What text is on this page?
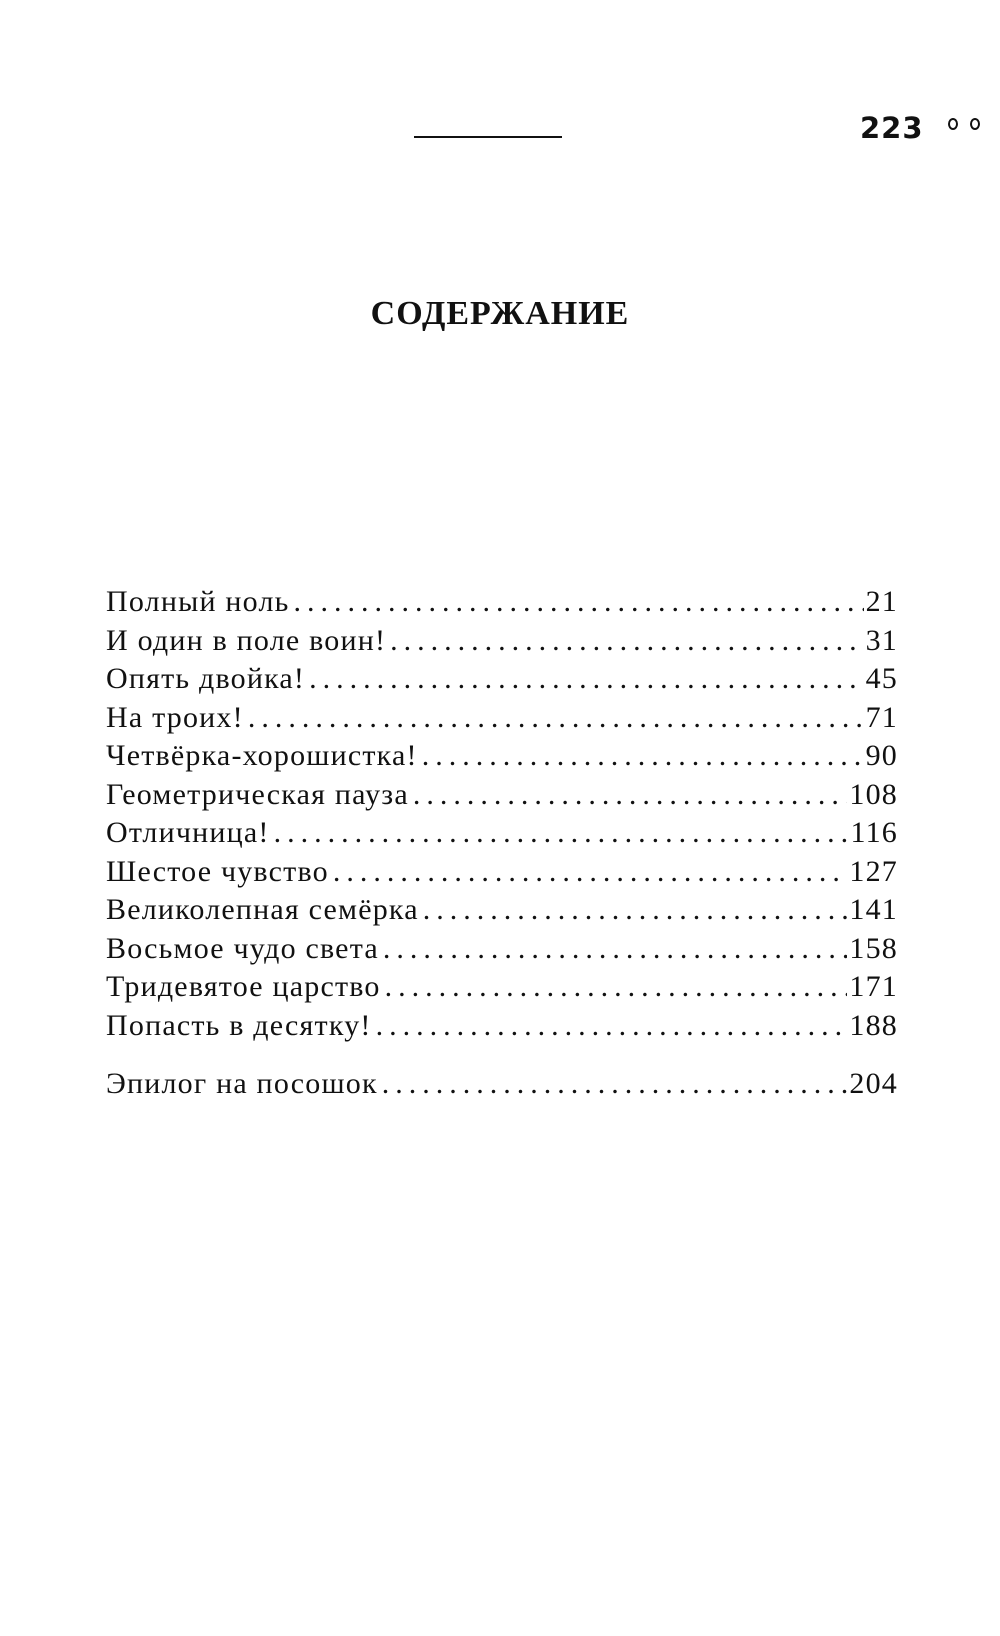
223
СОДЕРЖАНИЕ
Полный ноль .....	21
И один в поле воин! .....	31
Опять двойка! .....	45
На троих! .....	71
Четвёрка-хорошистка! .....	90
Геометрическая пауза .....	108
Отличница! .....	116
Шестое чувство .....	127
Великолепная семёрка .....	141
Восьмое чудо света .....	158
Тридевятое царство .....	171
Попасть в десятку! .....	188
Эпилог на посошок .....	204
